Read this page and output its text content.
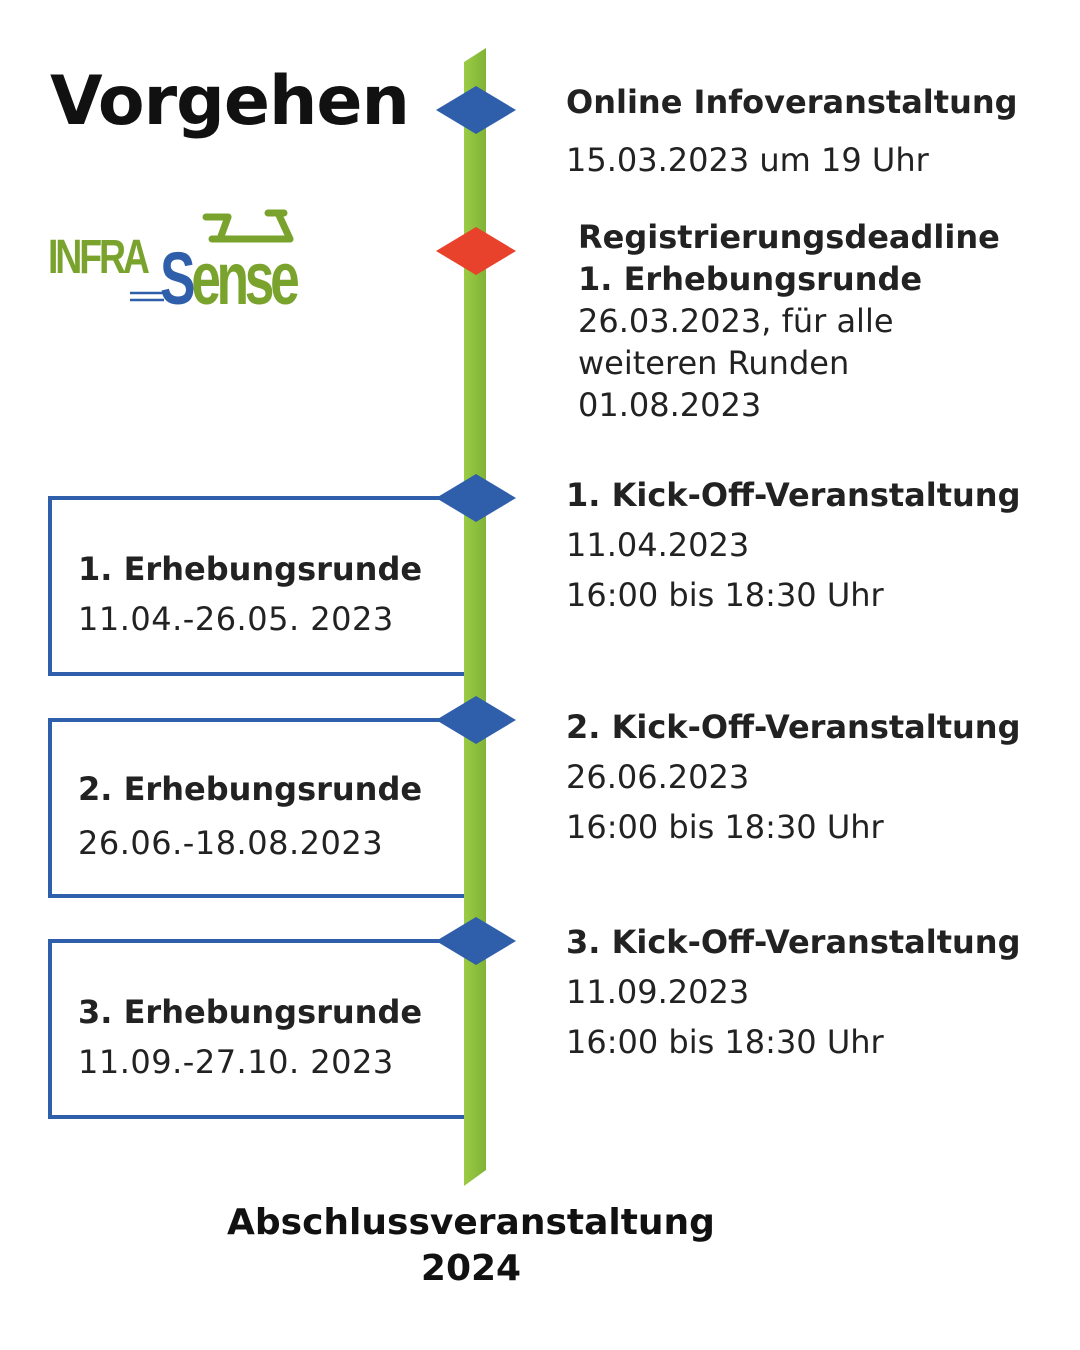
Vorgehen
INFRA Sense
1. Erhebungsrunde
11.04.-26.05. 2023
2. Erhebungsrunde
26.06.-18.08.2023
3. Erhebungsrunde
11.09.-27.10. 2023
Online Infoveranstaltung
15.03.2023 um 19 Uhr
Registrierungsdeadline
1. Erhebungsrunde
26.03.2023, für alle
weiteren Runden
01.08.2023
1. Kick-Off-Veranstaltung
11.04.2023
16:00 bis 18:30 Uhr
2. Kick-Off-Veranstaltung
26.06.2023
16:00 bis 18:30 Uhr
3. Kick-Off-Veranstaltung
11.09.2023
16:00 bis 18:30 Uhr
Abschlussveranstaltung
2024
